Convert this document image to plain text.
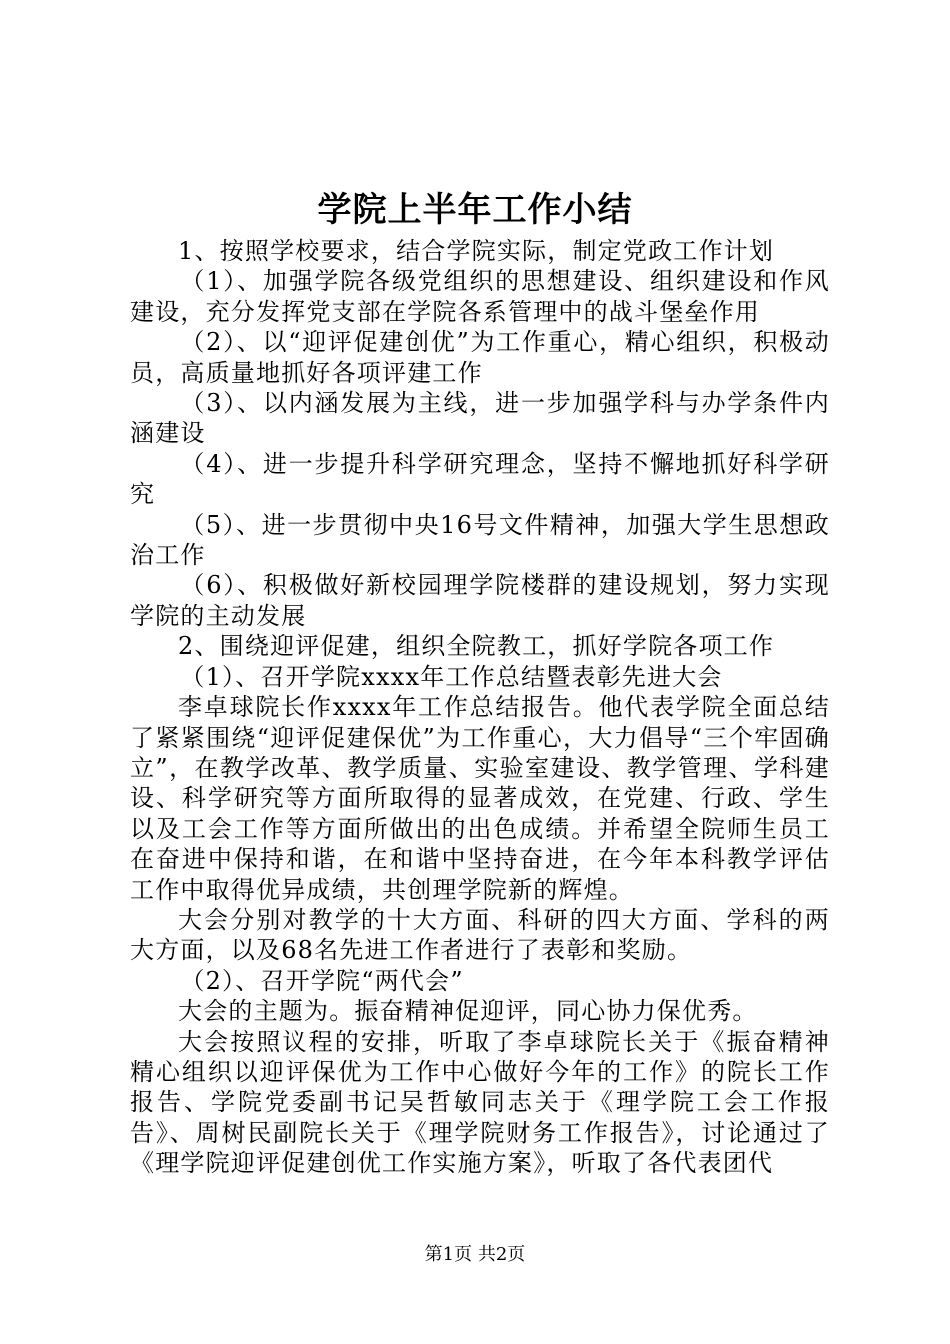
学院上半年工作小结

1、按照学校要求，结合学院实际，制定党政工作计划

（1）、加强学院各级党组织的思想建设、组织建设和作风建设，充分发挥党支部在学院各系管理中的战斗堡垒作用

（2）、以“迎评促建创优”为工作重心，精心组织，积极动员，高质量地抓好各项评建工作

（3）、以内涵发展为主线，进一步加强学科与办学条件内涵建设

（4）、进一步提升科学研究理念，坚持不懈地抓好科学研究

（5）、进一步贯彻中央16号文件精神，加强大学生思想政治工作

（6）、积极做好新校园理学院楼群的建设规划，努力实现学院的主动发展

2、围绕迎评促建，组织全院教工，抓好学院各项工作

（1）、召开学院xxxx年工作总结暨表彰先进大会

李卓球院长作xxxx年工作总结报告。他代表学院全面总结了紧紧围绕“迎评促建保优”为工作重心，大力倡导“三个牢固确立”，在教学改革、教学质量、实验室建设、教学管理、学科建设、科学研究等方面所取得的显著成效，在党建、行政、学生以及工会工作等方面所做出的出色成绩。并希望全院师生员工在奋进中保持和谐，在和谐中坚持奋进，在今年本科教学评估工作中取得优异成绩，共创理学院新的辉煌。

大会分别对教学的十大方面、科研的四大方面、学科的两大方面，以及68名先进工作者进行了表彰和奖励。

（2）、召开学院“两代会”

大会的主题为。振奋精神促迎评，同心协力保优秀。

大会按照议程的安排，听取了李卓球院长关于《振奋精神精心组织以迎评保优为工作中心做好今年的工作》的院长工作报告、学院党委副书记吴哲敏同志关于《理学院工会工作报告》、周树民副院长关于《理学院财务工作报告》，讨论通过了《理学院迎评促建创优工作实施方案》，听取了各代表团代

第1页 共2页
